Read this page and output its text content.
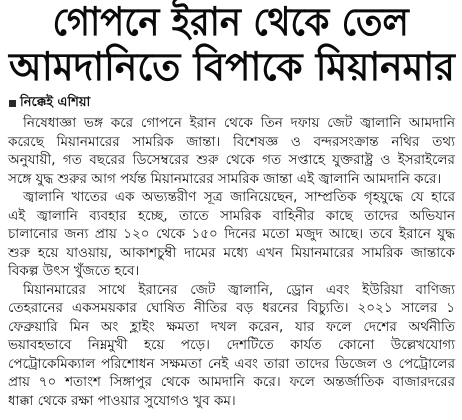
গোপনে ইরান থেকে তেল
আমদানিতে বিপাকে মিয়ানমার
নিক্কেই এশিয়া
নিষেধাজ্ঞা ভঙ্গ করে গোপনে ইরান থেকে তিন দফায় জেট জ্বালানি আমদানি
করেছে মিয়ানমারের সামরিক জান্তা। বিশেষজ্ঞ ও বন্দরসংক্রান্ত নথির তথ্য
অনুযায়ী, গত বছরের ডিসেম্বরের শুরু থেকে গত সপ্তাহে যুক্তরাষ্ট্র ও ইসরাইলের
সঙ্গে যুদ্ধ শুরুর আগ পর্যন্ত মিয়ানমারের সামরিক জান্তা এই জ্বালানি আমদানি করে।
জ্বালানি খাতের এক অভ্যন্তরীণ সূত্র জানিয়েছেন, সাম্প্রতিক গৃহযুদ্ধে যে হারে
এই জ্বালানি ব্যবহার হচ্ছে, তাতে সামরিক বাহিনীর কাছে তাদের অভিযান
চালানোর জন্য প্রায় ১২০ থেকে ১৫০ দিনের মতো মজুদ আছে। তবে ইরানে যুদ্ধ
শুরু হয়ে যাওয়ায়, আকাশচুম্বী দামের মধ্যে এখন মিয়ানমারের সামরিক জান্তাকে
বিকল্প উৎস খুঁজতে হবে।
মিয়ানমারের সাথে ইরানের জেট জ্বালানি, ড্রোন এবং ইউরিয়া বাণিজ্য
তেহরানের একসময়কার ঘোষিত নীতির বড় ধরনের বিচ্যুতি। ২০২১ সালের ১
ফেব্রুয়ারি মিন অং হ্লাইং ক্ষমতা দখল করেন, যার ফলে দেশের অর্থনীতি
ভয়াবহভাবে নিম্নমুখী হয়ে পড়ে। দেশটিতে কার্যত কোনো উল্লেখযোগ্য
পেট্রোকেমিক্যাল পরিশোধন সক্ষমতা নেই এবং তারা তাদের ডিজেল ও পেট্রোলের
প্রায় ৭০ শতাংশ সিঙ্গাপুর থেকে আমদানি করে। ফলে অন্তর্জাতিক বাজারদরের
ধাক্কা থেকে রক্ষা পাওয়ার সুযোগও খুব কম।
